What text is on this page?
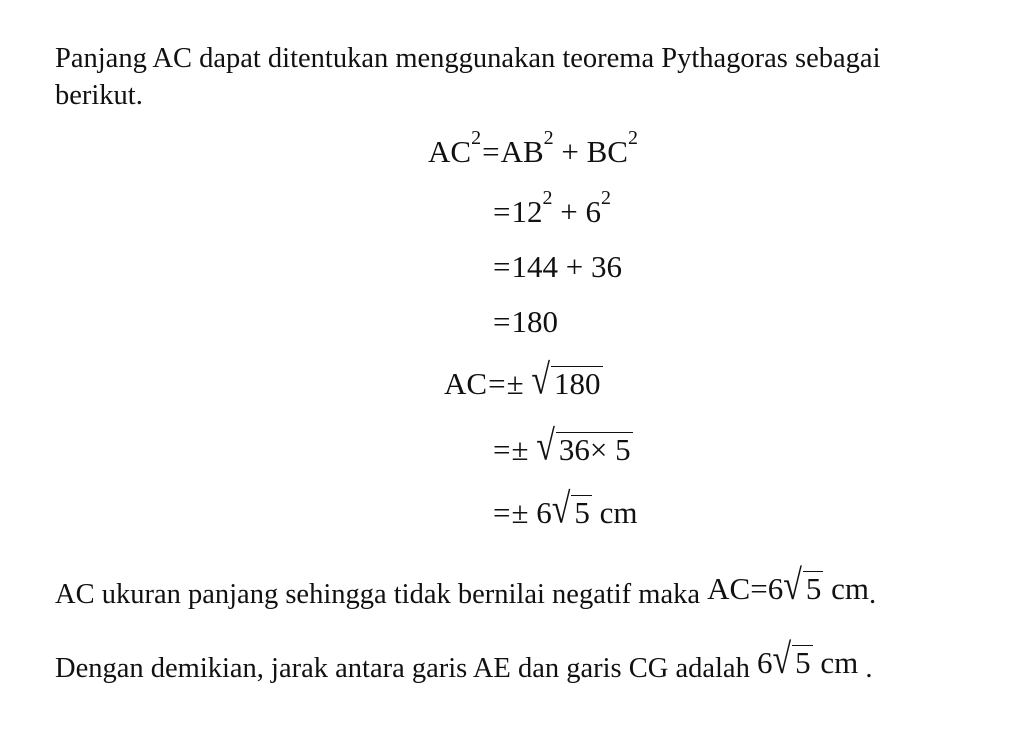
Panjang AC dapat ditentukan menggunakan teorema Pythagoras sebagai berikut.
$AC^2=AB^2 + BC^2$
$=12^2 + 6^2$
=144 + 36
=180
AC=± √ 180
=± √ 36× 5
=± 6√ 5 cm
AC ukuran panjang sehingga tidak bernilai negatif maka AC=6√ 5 cm.
Dengan demikian, jarak antara garis AE dan garis CG adalah 6√ 5 cm .
